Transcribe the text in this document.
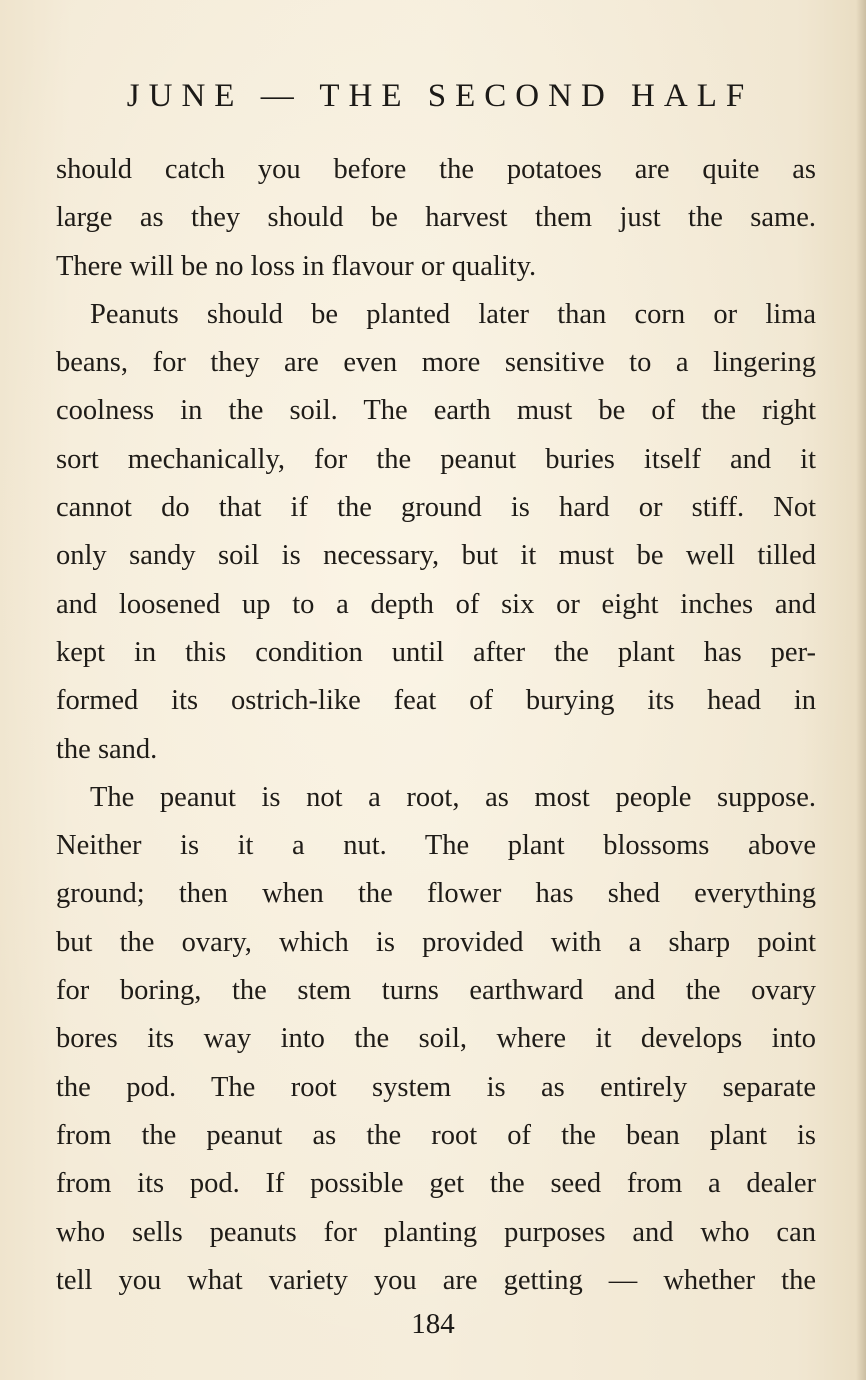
JUNE — THE SECOND HALF

should catch you before the potatoes are quite as
large as they should be harvest them just the same.
There will be no loss in flavour or quality.

Peanuts should be planted later than corn or lima
beans, for they are even more sensitive to a lingering
coolness in the soil. The earth must be of the right
sort mechanically, for the peanut buries itself and it
cannot do that if the ground is hard or stiff. Not
only sandy soil is necessary, but it must be well tilled
and loosened up to a depth of six or eight inches and
kept in this condition until after the plant has per-
formed its ostrich-like feat of burying its head in
the sand.

The peanut is not a root, as most people suppose.
Neither is it a nut. The plant blossoms above
ground; then when the flower has shed everything
but the ovary, which is provided with a sharp point
for boring, the stem turns earthward and the ovary
bores its way into the soil, where it develops into
the pod. The root system is as entirely separate
from the peanut as the root of the bean plant is
from its pod. If possible get the seed from a dealer
who sells peanuts for planting purposes and who can
tell you what variety you are getting — whether the

184
